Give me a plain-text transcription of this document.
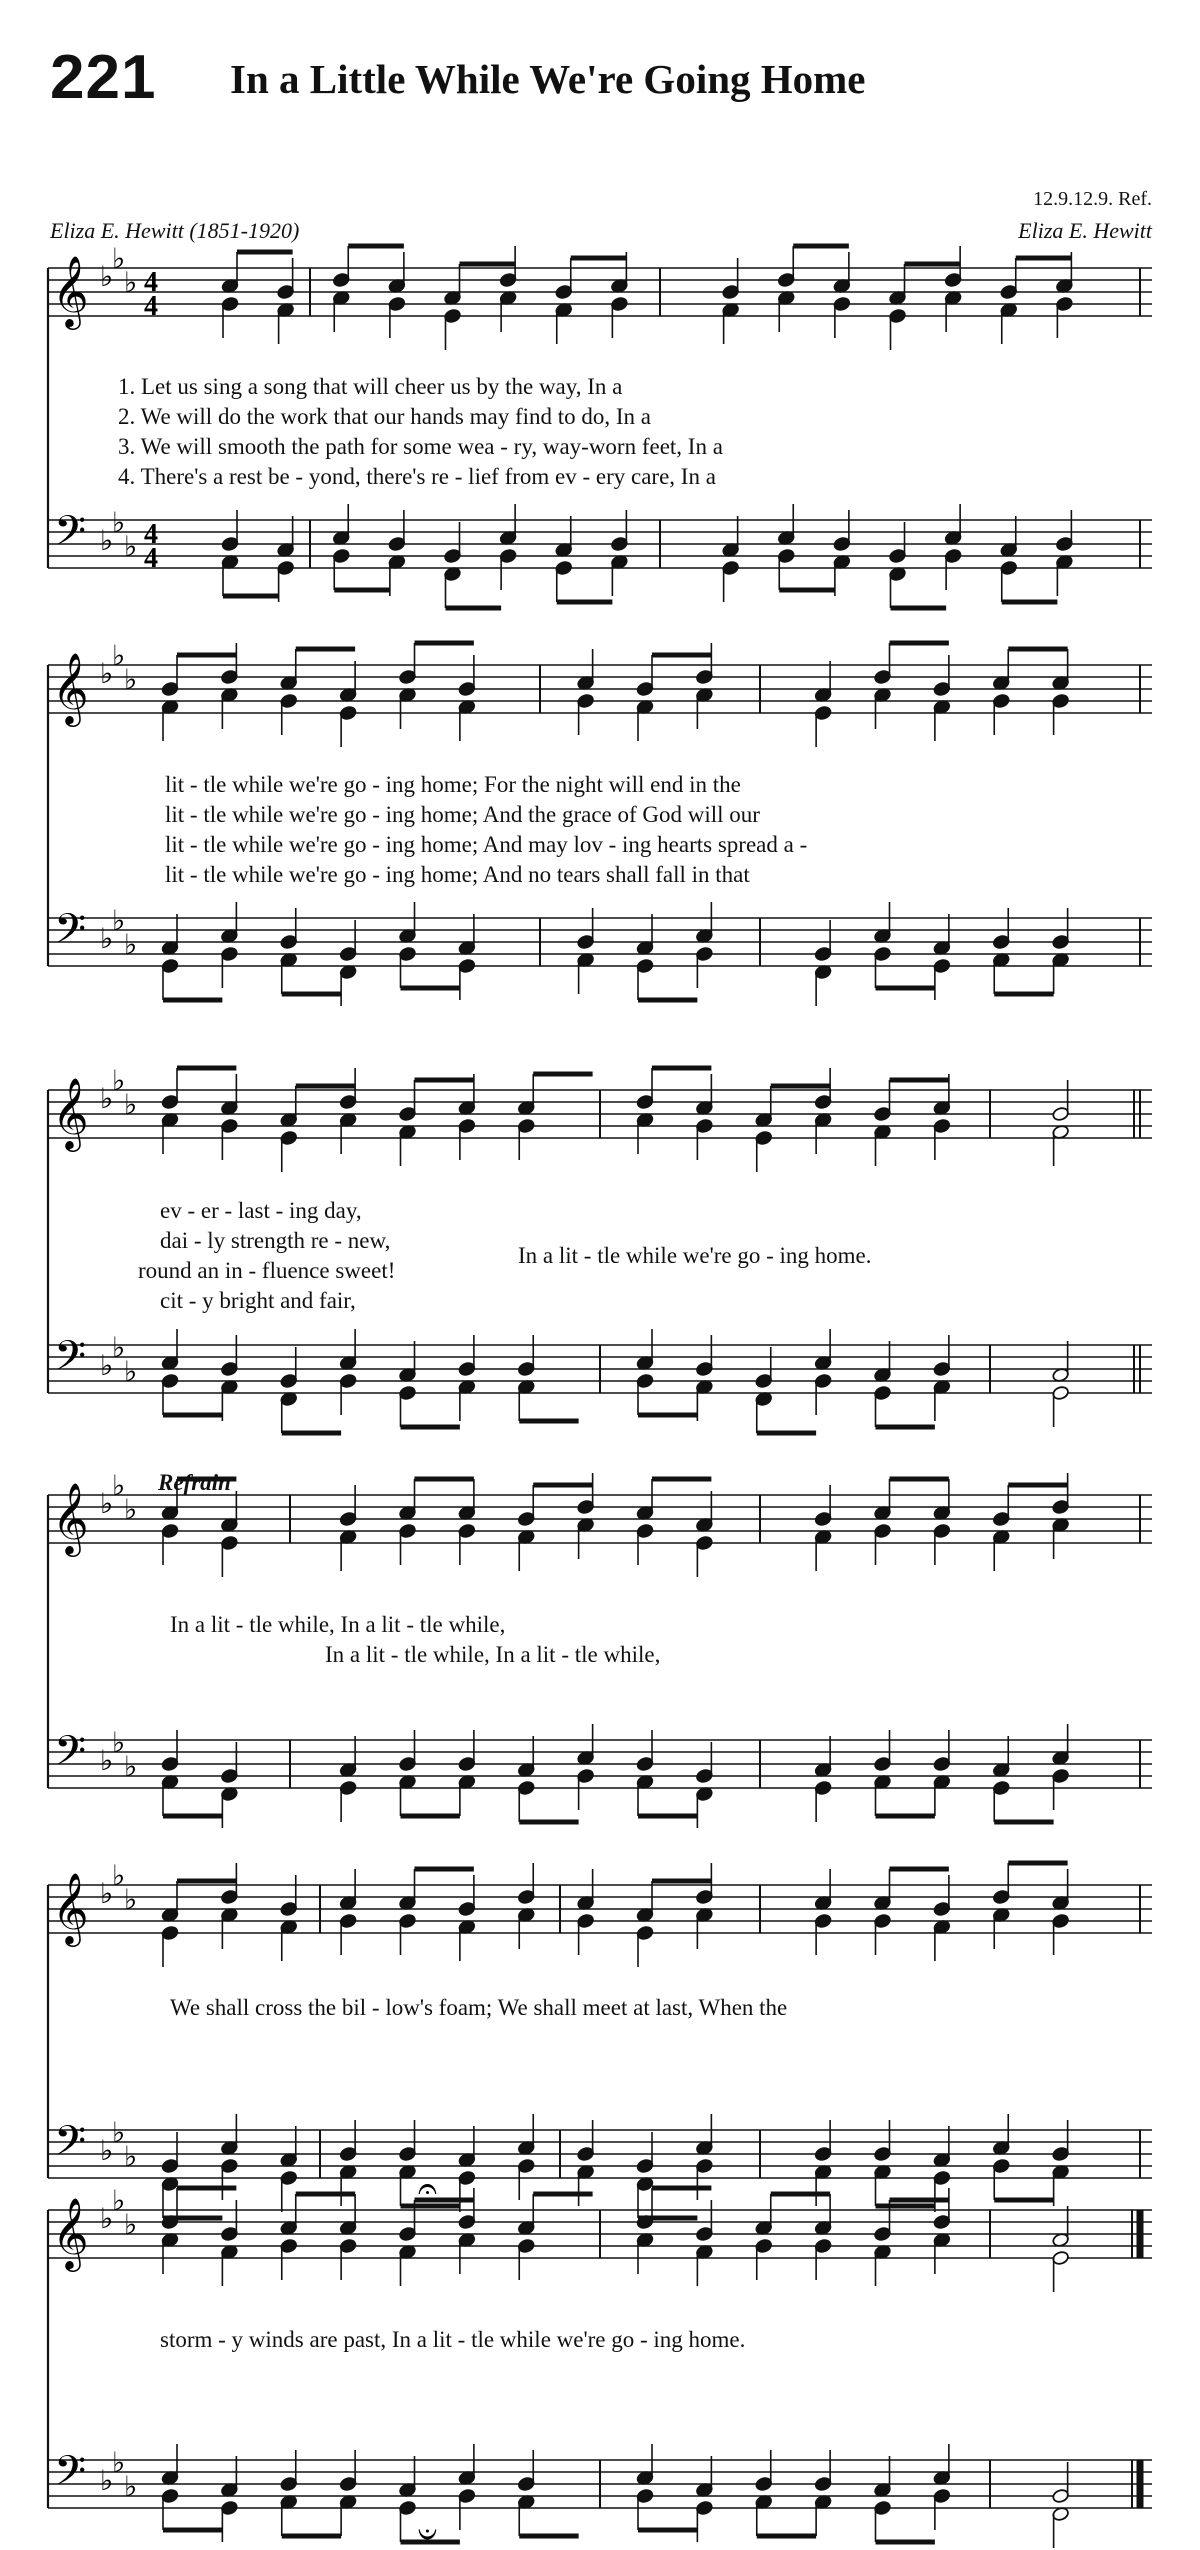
221 In a Little While We're Going Home
12.9.12.9. Ref.
Eliza E. Hewitt (1851-1920)	Eliza E. Hewitt
𝄞
𝄢
♭
♭
♭
♭
♭
♭
4
4
4
4
𝄞
𝄢
♭
♭
♭
♭
♭
♭
𝄞
𝄢
♭
♭
♭
♭
♭
♭
𝄞
𝄢
♭
♭
♭
♭
♭
♭
𝄞
𝄢
♭
♭
♭
♭
♭
♭
𝄞
𝄢
♭
♭
♭
♭
♭
♭
𝄐
𝄑
1. Let us sing a song that will cheer us by the way, In a
2. We will do the work that our hands may find to do, In a
3. We will smooth the path for some wea - ry, way-worn feet, In a
4. There's a rest be - yond, there's re - lief from ev - ery care, In a
lit - tle while we're go - ing home; For the night will end in the
lit - tle while we're go - ing home; And the grace of God will our
lit - tle while we're go - ing home; And may lov - ing hearts spread a -
lit - tle while we're go - ing home; And no tears shall fall in that
ev - er - last - ing day,
dai - ly strength re - new,
round an in - fluence sweet!
cit - y bright and fair,
In a lit - tle while we're go - ing home.
Refrain
In a lit - tle while, In a lit - tle while,
In a lit - tle while, In a lit - tle while,
We shall cross the bil - low's foam; We shall meet at last, When the
storm - y winds are past, In a lit - tle while we're go - ing home.
